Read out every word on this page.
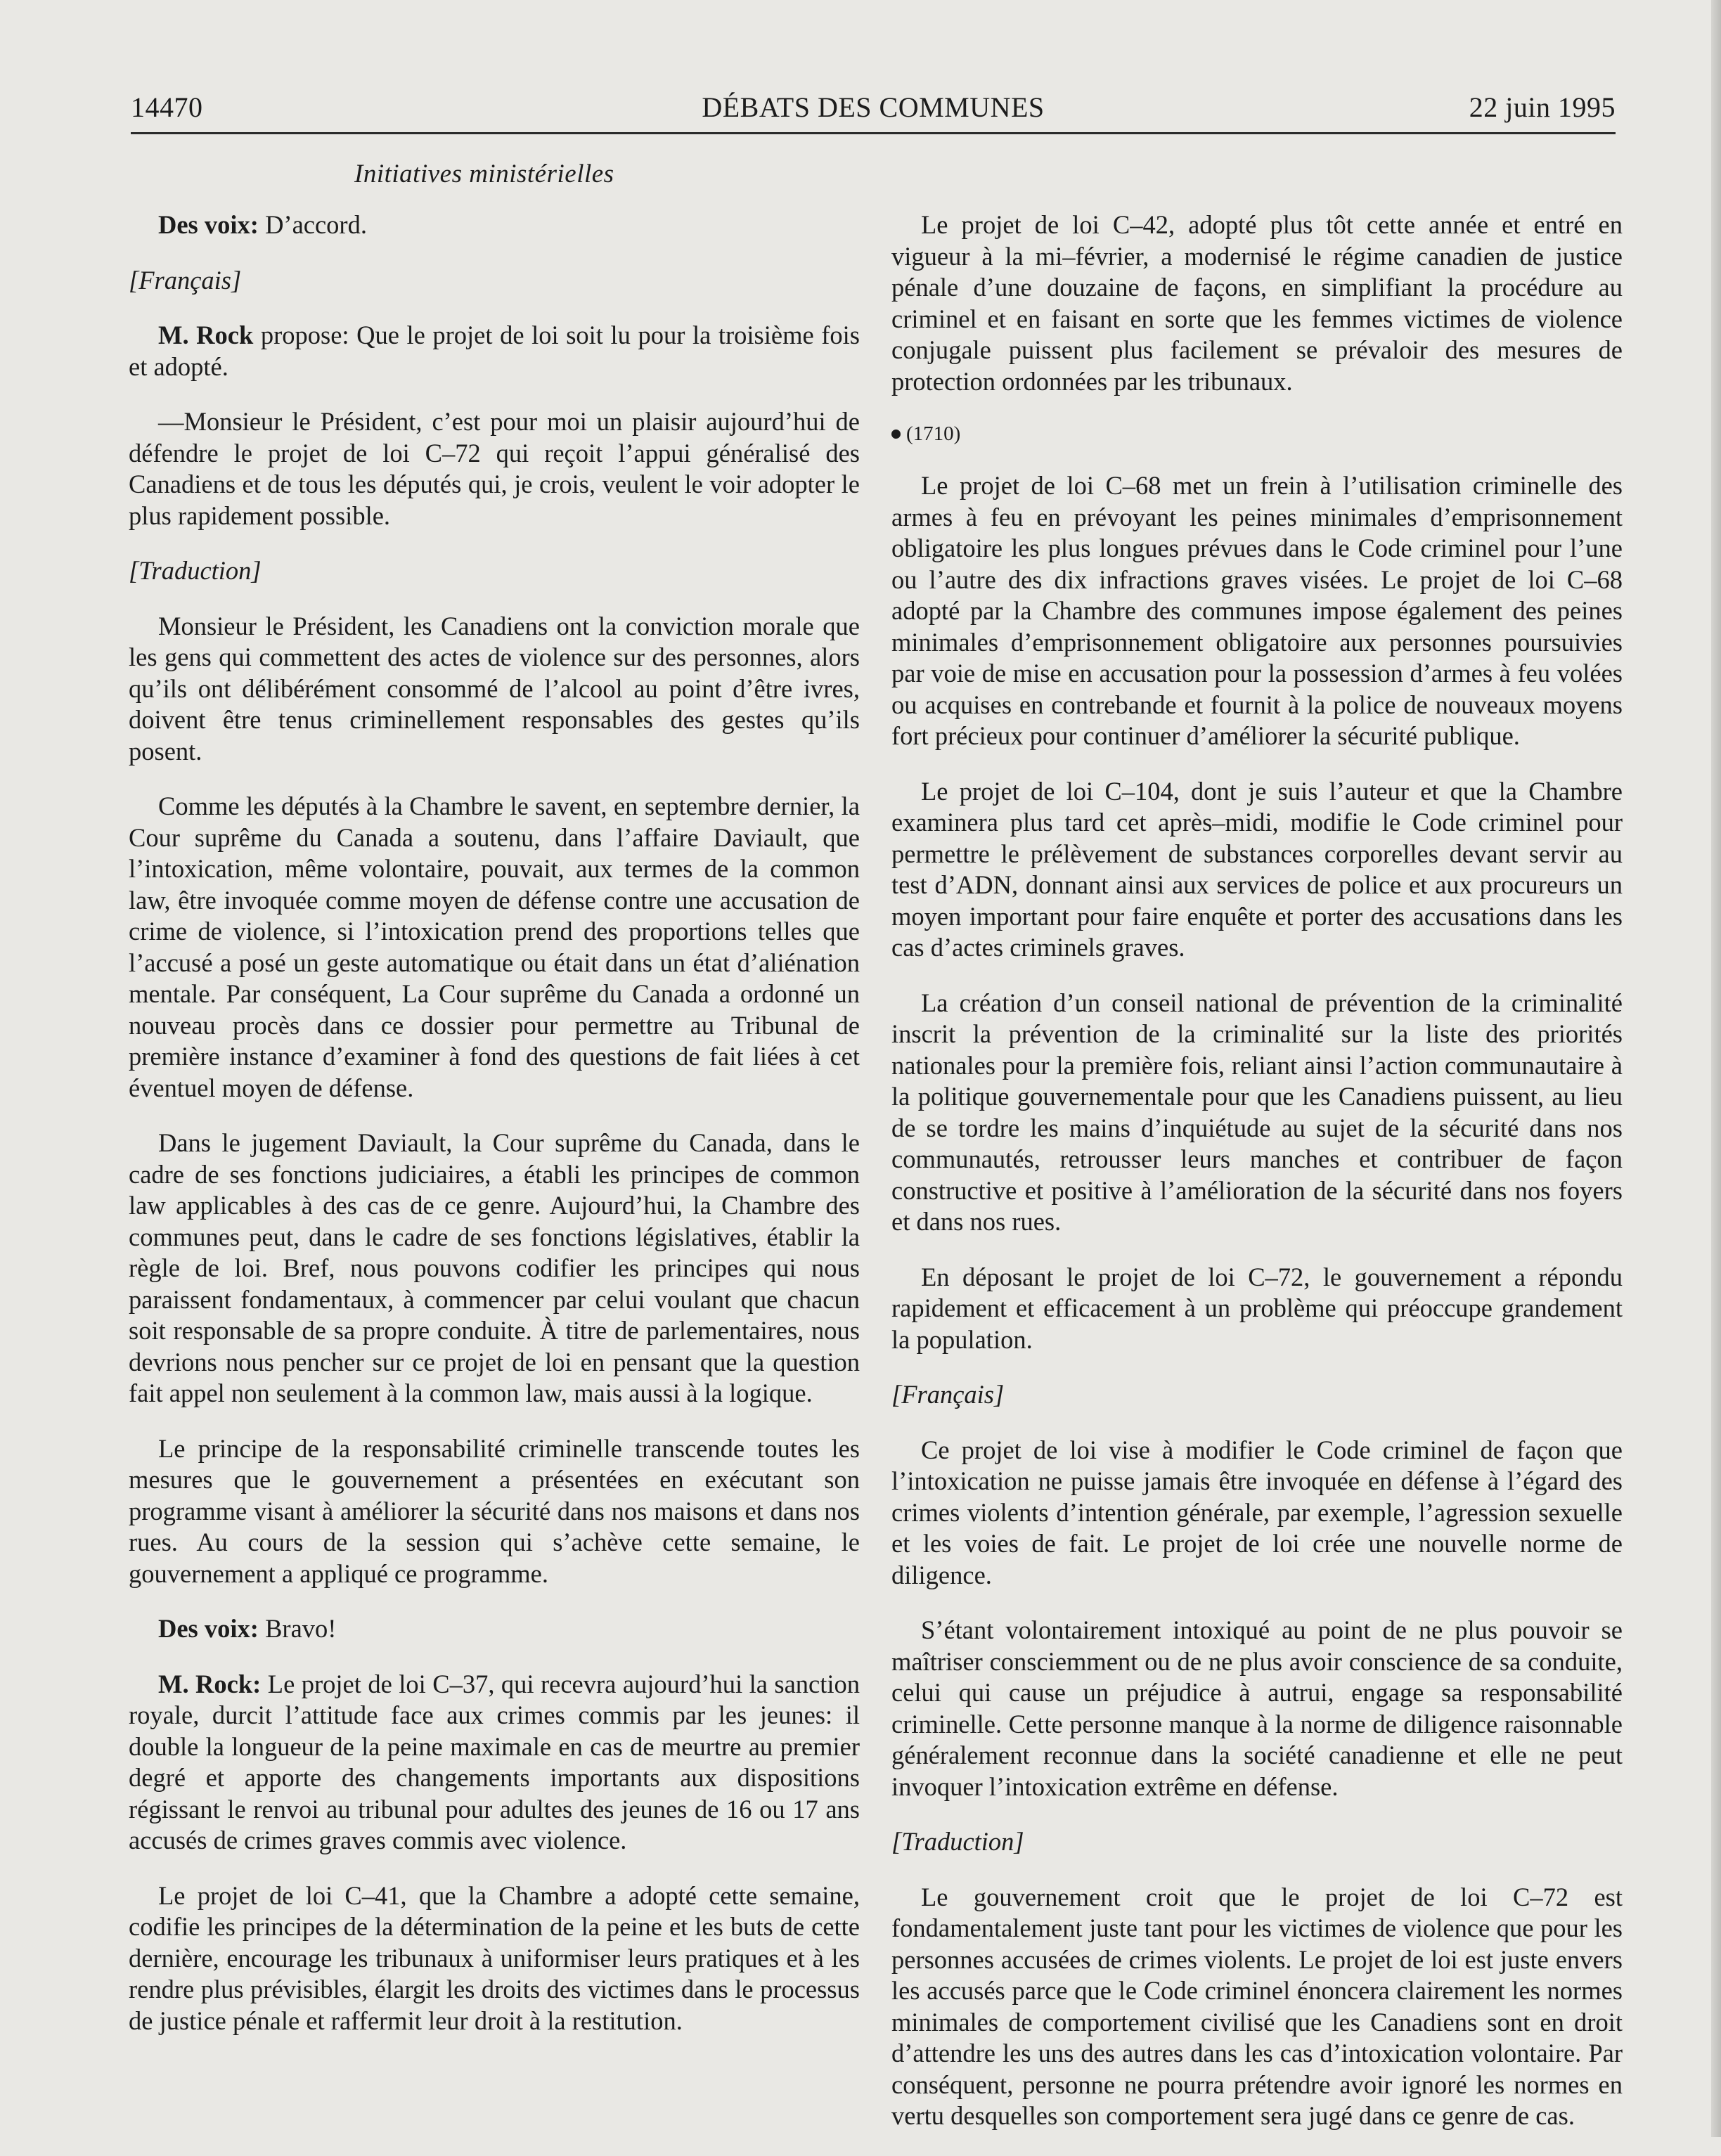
14470	DÉBATS DES COMMUNES	22 juin 1995
Initiatives ministérielles

Des voix: D’accord.

[Français]

M. Rock propose: Que le projet de loi soit lu pour la troisième fois et adopté.

—Monsieur le Président, c’est pour moi un plaisir aujourd’hui de défendre le projet de loi C–72 qui reçoit l’appui généralisé des Canadiens et de tous les députés qui, je crois, veulent le voir adopter le plus rapidement possible.

[Traduction]

Monsieur le Président, les Canadiens ont la conviction morale que les gens qui commettent des actes de violence sur des personnes, alors qu’ils ont délibérément consommé de l’alcool au point d’être ivres, doivent être tenus criminellement responsables des gestes qu’ils posent.

Comme les députés à la Chambre le savent, en septembre dernier, la Cour suprême du Canada a soutenu, dans l’affaire Daviault, que l’intoxication, même volontaire, pouvait, aux termes de la common law, être invoquée comme moyen de défense contre une accusation de crime de violence, si l’intoxication prend des proportions telles que l’accusé a posé un geste automatique ou était dans un état d’aliénation mentale. Par conséquent, La Cour suprême du Canada a ordonné un nouveau procès dans ce dossier pour permettre au Tribunal de première instance d’examiner à fond des questions de fait liées à cet éventuel moyen de défense.

Dans le jugement Daviault, la Cour suprême du Canada, dans le cadre de ses fonctions judiciaires, a établi les principes de common law applicables à des cas de ce genre. Aujourd’hui, la Chambre des communes peut, dans le cadre de ses fonctions législatives, établir la règle de loi. Bref, nous pouvons codifier les principes qui nous paraissent fondamentaux, à commencer par celui voulant que chacun soit responsable de sa propre conduite. À titre de parlementaires, nous devrions nous pencher sur ce projet de loi en pensant que la question fait appel non seulement à la common law, mais aussi à la logique.

Le principe de la responsabilité criminelle transcende toutes les mesures que le gouvernement a présentées en exécutant son programme visant à améliorer la sécurité dans nos maisons et dans nos rues. Au cours de la session qui s’achève cette semaine, le gouvernement a appliqué ce programme.

Des voix: Bravo!

M. Rock: Le projet de loi C–37, qui recevra aujourd’hui la sanction royale, durcit l’attitude face aux crimes commis par les jeunes: il double la longueur de la peine maximale en cas de meurtre au premier degré et apporte des changements importants aux dispositions régissant le renvoi au tribunal pour adultes des jeunes de 16 ou 17 ans accusés de crimes graves commis avec violence.

Le projet de loi C–41, que la Chambre a adopté cette semaine, codifie les principes de la détermination de la peine et les buts de cette dernière, encourage les tribunaux à uniformiser leurs pratiques et à les rendre plus prévisibles, élargit les droits des victimes dans le processus de justice pénale et raffermit leur droit à la restitution.

Le projet de loi C–42, adopté plus tôt cette année et entré en vigueur à la mi–février, a modernisé le régime canadien de justice pénale d’une douzaine de façons, en simplifiant la procédure au criminel et en faisant en sorte que les femmes victimes de violence conjugale puissent plus facilement se prévaloir des mesures de protection ordonnées par les tribunaux.

(1710)

Le projet de loi C–68 met un frein à l’utilisation criminelle des armes à feu en prévoyant les peines minimales d’emprisonnement obligatoire les plus longues prévues dans le Code criminel pour l’une ou l’autre des dix infractions graves visées. Le projet de loi C–68 adopté par la Chambre des communes impose également des peines minimales d’emprisonnement obligatoire aux personnes poursuivies par voie de mise en accusation pour la possession d’armes à feu volées ou acquises en contrebande et fournit à la police de nouveaux moyens fort précieux pour continuer d’améliorer la sécurité publique.

Le projet de loi C–104, dont je suis l’auteur et que la Chambre examinera plus tard cet après–midi, modifie le Code criminel pour permettre le prélèvement de substances corporelles devant servir au test d’ADN, donnant ainsi aux services de police et aux procureurs un moyen important pour faire enquête et porter des accusations dans les cas d’actes criminels graves.

La création d’un conseil national de prévention de la criminalité inscrit la prévention de la criminalité sur la liste des priorités nationales pour la première fois, reliant ainsi l’action communautaire à la politique gouvernementale pour que les Canadiens puissent, au lieu de se tordre les mains d’inquiétude au sujet de la sécurité dans nos communautés, retrousser leurs manches et contribuer de façon constructive et positive à l’amélioration de la sécurité dans nos foyers et dans nos rues.

En déposant le projet de loi C–72, le gouvernement a répondu rapidement et efficacement à un problème qui préoccupe grandement la population.

[Français]

Ce projet de loi vise à modifier le Code criminel de façon que l’intoxication ne puisse jamais être invoquée en défense à l’égard des crimes violents d’intention générale, par exemple, l’agression sexuelle et les voies de fait. Le projet de loi crée une nouvelle norme de diligence.

S’étant volontairement intoxiqué au point de ne plus pouvoir se maîtriser consciemment ou de ne plus avoir conscience de sa conduite, celui qui cause un préjudice à autrui, engage sa responsabilité criminelle. Cette personne manque à la norme de diligence raisonnable généralement reconnue dans la société canadienne et elle ne peut invoquer l’intoxication extrême en défense.

[Traduction]

Le gouvernement croit que le projet de loi C–72 est fondamentalement juste tant pour les victimes de violence que pour les personnes accusées de crimes violents. Le projet de loi est juste envers les accusés parce que le Code criminel énoncera clairement les normes minimales de comportement civilisé que les Canadiens sont en droit d’attendre les uns des autres dans les cas d’intoxication volontaire. Par conséquent, personne ne pourra prétendre avoir ignoré les normes en vertu desquelles son comportement sera jugé dans ce genre de cas.
